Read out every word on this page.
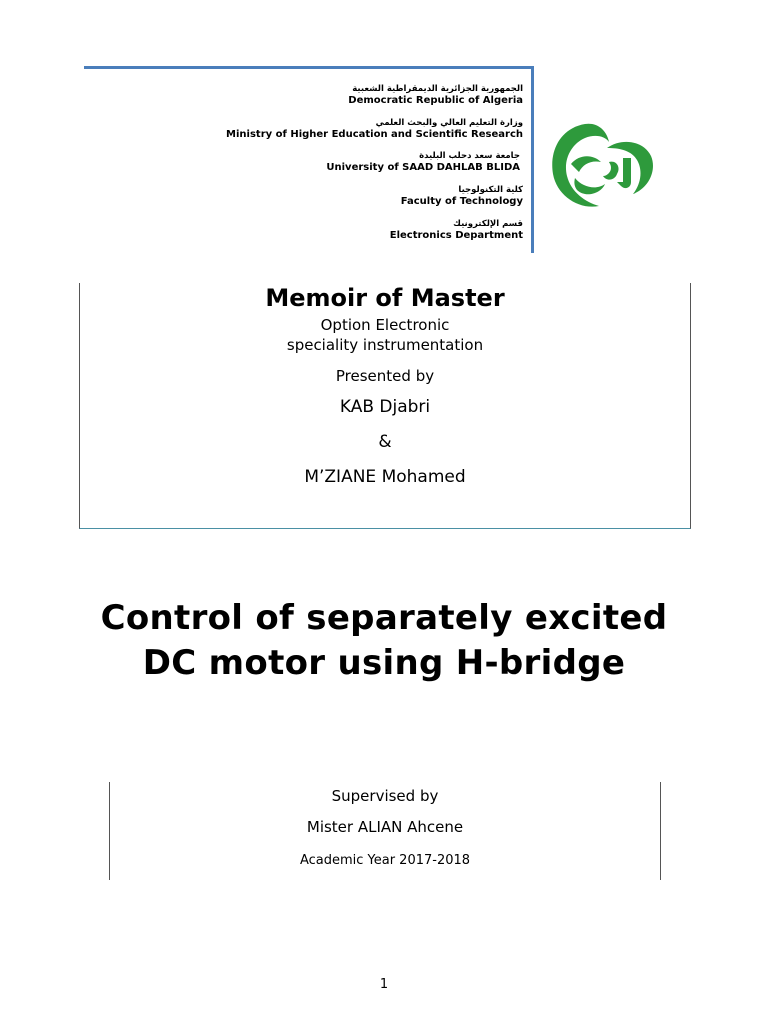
الجمهورية الجزائرية الديمقراطية الشعبية
Democratic Republic of Algeria
وزارة التعليم العالي والبحث العلمي
Ministry of Higher Education and Scientific Research
جامعة سعد دحلب البليدة
University of SAAD DAHLAB BLIDA
كلية التكنولوجيا
Faculty of Technology
قسم الإلكترونيك
Electronics Department
Memoir of Master
Option Electronic
speciality instrumentation
Presented by
KAB Djabri
&
M’ZIANE Mohamed
Control of separately excited
DC motor using H-bridge
Supervised by
Mister ALIAN Ahcene
Academic Year 2017-2018
1
